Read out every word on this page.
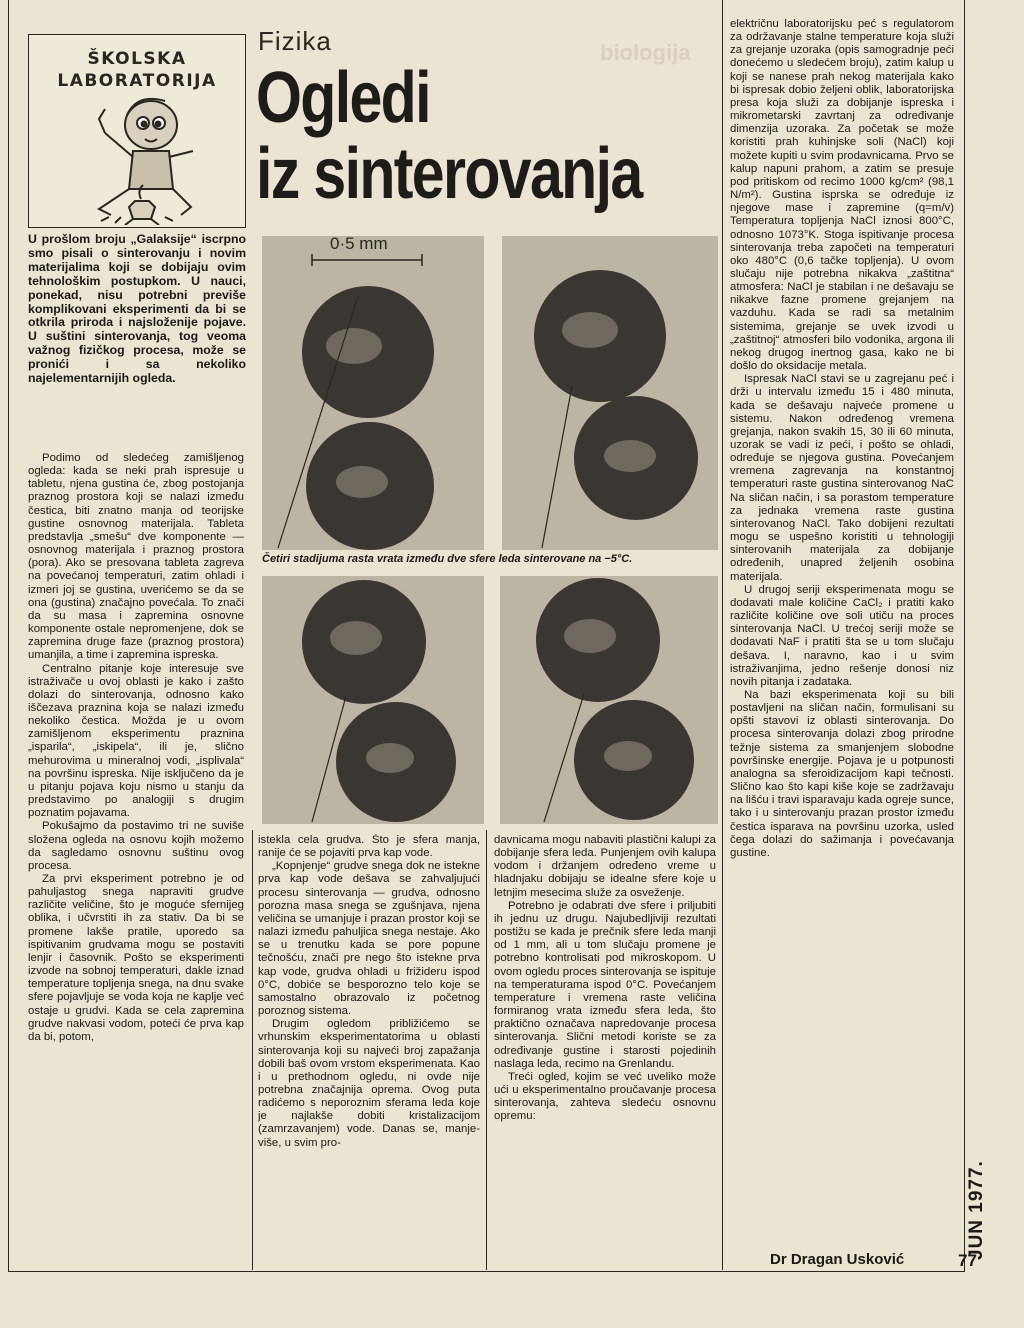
biologija
ŠKOLSKA
LABORATORIJA
Fizika
Ogledi
iz sinterovanja
U prošlom broju „Galaksije“ iscrpno smo pisali o sinterovanju i novim materijalima koji se dobijaju ovim tehnološkim postupkom. U nauci, ponekad, nisu potrebni previše komplikovani eksperimenti da bi se otkrila priroda i najsloženije pojave. U suštini sinterovanja, tog veoma važnog fizičkog procesa, može se pronići i sa nekoliko najelementarnijih ogleda.
0·5 mm
Četiri stadijuma rasta vrata između dve sfere leda sinterovane na −5°C.

Podimo od sledećeg zamišljenog ogleda: kada se neki prah ispresuje u tabletu, njena gustina će, zbog postojanja praznog prostora koji se nalazi između čestica, biti znatno manja od teorijske gustine osnovnog materijala. Tableta predstavlja „smešu“ dve komponente — osnovnog materijala i praznog prostora (pora). Ako se presovana tableta zagreva na povećanoj temperaturi, zatim ohladi i izmeri joj se gustina, uverićemo se da se ona (gustina) značajno povećala. To znači da su masa i zapremina osnovne komponente ostale nepromenjene, dok se zapremina druge faze (praznog prostora) umanjila, a time i zapremina ispreska.

Centralno pitanje koje interesuje sve istraživače u ovoj oblasti je kako i zašto dolazi do sinterovanja, odnosno kako iščezava praznina koja se nalazi između nekoliko čestica. Možda je u ovom zamišljenom eksperimentu praznina „isparila“, „iskipela“, ili je, slično mehurovima u mineralnoj vodi, „isplivala“ na površinu ispreska. Nije isključeno da je u pitanju pojava koju nismo u stanju da predstavimo po analogiji s drugim poznatim pojavama.

Pokušajmo da postavimo tri ne suviše složena ogleda na osnovu kojih možemo da sagledamo osnovnu suštinu ovog procesa.

Za prvi eksperiment potrebno je od pahuljastog snega napraviti grudve različite veličine, što je moguće sfernijeg oblika, i učvrstiti ih za stativ. Da bi se promene lakše pratile, uporedo sa ispitivanim grudvama mogu se postaviti lenjir i časovnik. Pošto se eksperimenti izvode na sobnoj temperaturi, dakle iznad temperature topljenja snega, na dnu svake sfere pojavljuje se voda koja ne kaplje već ostaje u grudvi. Kada se cela zapremina grudve nakvasi vodom, poteći će prva kap da bi, potom,

istekla cela grudva. Što je sfera manja, ranije će se pojaviti prva kap vode.

„Kopnjenje“ grudve snega dok ne istekne prva kap vode dešava se zahvaljujući procesu sinterovanja — grudva, odnosno porozna masa snega se zgušnjava, njena veličina se umanjuje i prazan prostor koji se nalazi između pahuljica snega nestaje. Ako se u trenutku kada se pore popune tečnošću, znači pre nego što istekne prva kap vode, grudva ohladi u frižideru ispod 0°C, dobiće se besporozno telo koje se samostalno obrazovalo iz početnog poroznog sistema.

Drugim ogledom približićemo se vrhunskim eksperimentatorima u oblasti sinterovanja koji su najveći broj zapažanja dobili baš ovom vrstom eksperimenata. Kao i u prethodnom ogledu, ni ovde nije potrebna značajnija oprema. Ovog puta radićemo s neporoznim sferama leda koje je najlakše dobiti kristalizacijom (zamrzavanjem) vode. Danas se, manje-više, u svim pro-

davnicama mogu nabaviti plastični kalupi za dobijanje sfera leda. Punjenjem ovih kalupa vodom i držanjem određeno vreme u hladnjaku dobijaju se idealne sfere koje u letnjim mesecima služe za osveženje.

Potrebno je odabrati dve sfere i priljubiti ih jednu uz drugu. Najubedljiviji rezultati postižu se kada je prečnik sfere leda manji od 1 mm, ali u tom slučaju promene je potrebno kontrolisati pod mikroskopom. U ovom ogledu proces sinterovanja se ispituje na temperaturama ispod 0°C. Povećanjem temperature i vremena raste veličina formiranog vrata između sfera leda, što praktično označava napredovanje procesa sinterovanja. Slični metodi koriste se za određivanje gustine i starosti pojedinih naslaga leda, recimo na Grenlandu.

Treći ogled, kojim se već uveliko može ući u eksperimentalno proučavanje procesa sinterovanja, zahteva sledeću osnovnu opremu:

električnu laboratorijsku peć s regulatorom za održavanje stalne temperature koja služi za grejanje uzoraka (opis samogradnje peći donećemo u sledećem broju), zatim kalup u koji se nanese prah nekog materijala kako bi ispresak dobio željeni oblik, laboratorijska presa koja služi za dobijanje ispreska i mikrometarski zavrtanj za određivanje dimenzija uzoraka. Za početak se može koristiti prah kuhinjske soli (NaCl) koji možete kupiti u svim prodavnicama. Prvo se kalup napuni prahom, a zatim se presuje pod pritiskom od recimo 1000 kg/cm² (98,1 N/m²). Gustina isprska se određuje iz njegove mase i zapremine (q=m/v) Temperatura topljenja NaCl iznosi 800°C, odnosno 1073°K. Stoga ispitivanje procesa sinterovanja treba započeti na temperaturi oko 480°C (0,6 tačke topljenja). U ovom slučaju nije potrebna nikakva „zaštitna“ atmosfera: NaCl je stabilan i ne dešavaju se nikakve fazne promene grejanjem na vazduhu. Kada se radi sa metalnim sistemima, grejanje se uvek izvodi u „zaštitnoj“ atmosferi bilo vodonika, argona ili nekog drugog inertnog gasa, kako ne bi došlo do oksidacije metala.

Ispresak NaCl stavi se u zagrejanu peć i drži u intervalu između 15 i 480 minuta, kada se dešavaju najveće promene u sistemu. Nakon određenog vremena grejanja, nakon svakih 15, 30 ili 60 minuta, uzorak se vadi iz peći, i pošto se ohladi, određuje se njegova gustina. Povećanjem vremena zagrevanja na konstantnoj temperaturi raste gustina sinterovanog NaC Na sličan način, i sa porastom temperature za jednaka vremena raste gustina sinterovanog NaCl. Tako dobijeni rezultati mogu se uspešno koristiti u tehnologiji sinterovanih materijala za dobijanje određenih, unapred željenih osobina materijala.

U drugoj seriji eksperimenata mogu se dodavati male količine CaCl₂ i pratiti kako različite količine ove soli utiču na proces sinterovanja NaCl. U trećoj seriji može se dodavati NaF i pratiti šta se u tom slučaju dešava. I, naravno, kao i u svim istraživanjima, jedno rešenje donosi niz novih pitanja i zadataka.

Na bazi eksperimenata koji su bili postavljeni na sličan način, formulisani su opšti stavovi iz oblasti sinterovanja. Do procesa sinterovanja dolazi zbog prirodne težnje sistema za smanjenjem slobodne površinske energije. Pojava je u potpunosti analogna sa sferoidizacijom kapi tečnosti. Slično kao što kapi kiše koje se zadržavaju na lišću i travi isparavaju kada ogreje sunce, tako i u sinterovanju prazan prostor između čestica isparava na površinu uzorka, usled čega dolazi do sažimanja i povećavanja gustine.

Dr Dragan Usković	JUN 1977.
77
